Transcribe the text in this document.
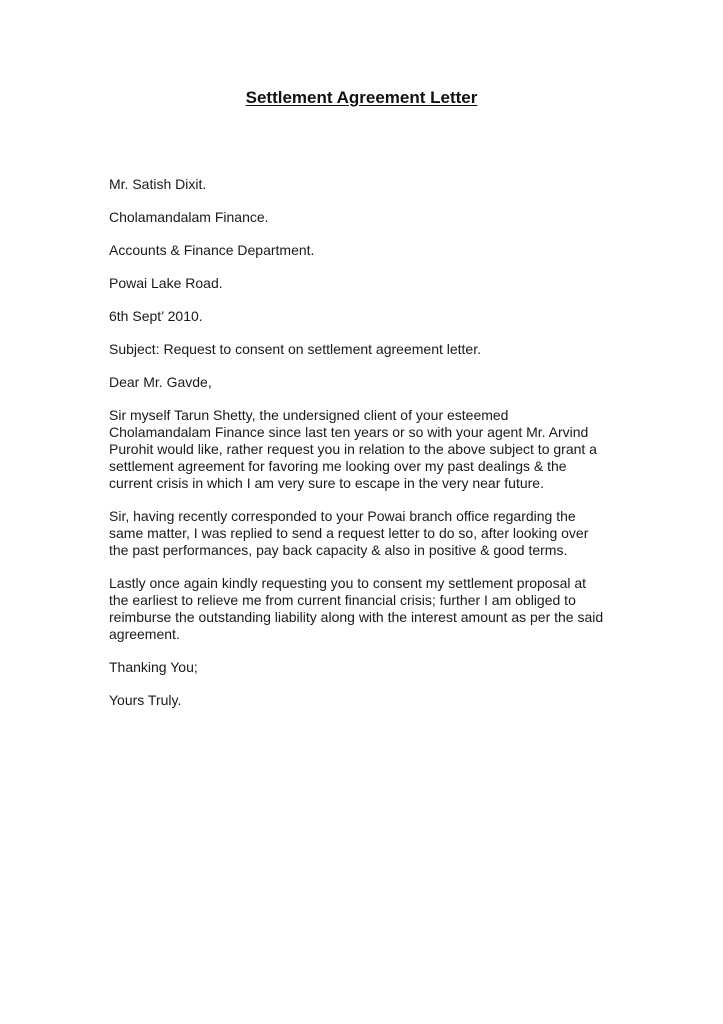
Settlement Agreement Letter

Mr. Satish Dixit.

Cholamandalam Finance.

Accounts & Finance Department.

Powai Lake Road.

6th Sept’ 2010.

Subject: Request to consent on settlement agreement letter.

Dear Mr. Gavde,

Sir myself Tarun Shetty, the undersigned client of your esteemed Cholamandalam Finance since last ten years or so with your agent Mr. Arvind Purohit would like, rather request you in relation to the above subject to grant a settlement agreement for favoring me looking over my past dealings & the current crisis in which I am very sure to escape in the very near future.

Sir, having recently corresponded to your Powai branch office regarding the same matter, I was replied to send a request letter to do so, after looking over the past performances, pay back capacity & also in positive & good terms.

Lastly once again kindly requesting you to consent my settlement proposal at the earliest to relieve me from current financial crisis; further I am obliged to reimburse the outstanding liability along with the interest amount as per the said agreement.

Thanking You;

Yours Truly.
